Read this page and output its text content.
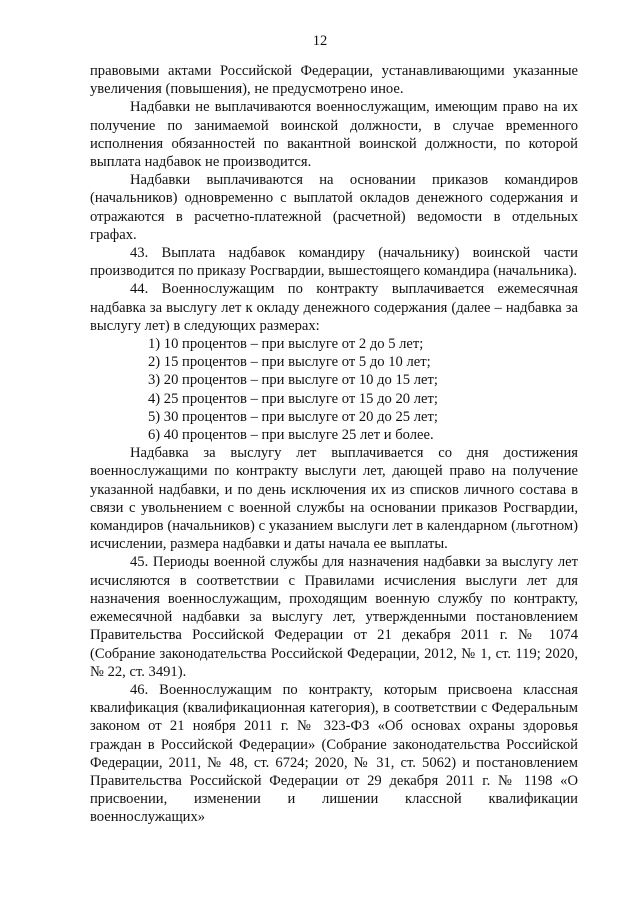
12

правовыми актами Российской Федерации, устанавливающими указанные увеличения (повышения), не предусмотрено иное.

Надбавки не выплачиваются военнослужащим, имеющим право на их получение по занимаемой воинской должности, в случае временного исполнения обязанностей по вакантной воинской должности, по которой выплата надбавок не производится.

Надбавки выплачиваются на основании приказов командиров (начальников) одновременно с выплатой окладов денежного содержания и отражаются в расчетно-платежной (расчетной) ведомости в отдельных графах.

43. Выплата надбавок командиру (начальнику) воинской части производится по приказу Росгвардии, вышестоящего командира (начальника).

44. Военнослужащим по контракту выплачивается ежемесячная надбавка за выслугу лет к окладу денежного содержания (далее – надбавка за выслугу лет) в следующих размерах:

1) 10 процентов – при выслуге от 2 до 5 лет;

2) 15 процентов – при выслуге от 5 до 10 лет;

3) 20 процентов – при выслуге от 10 до 15 лет;

4) 25 процентов – при выслуге от 15 до 20 лет;

5) 30 процентов – при выслуге от 20 до 25 лет;

6) 40 процентов – при выслуге 25 лет и более.

Надбавка за выслугу лет выплачивается со дня достижения военнослужащими по контракту выслуги лет, дающей право на получение указанной надбавки, и по день исключения их из списков личного состава в связи с увольнением с военной службы на основании приказов Росгвардии, командиров (начальников) с указанием выслуги лет в календарном (льготном) исчислении, размера надбавки и даты начала ее выплаты.

45. Периоды военной службы для назначения надбавки за выслугу лет исчисляются в соответствии с Правилами исчисления выслуги лет для назначения военнослужащим, проходящим военную службу по контракту, ежемесячной надбавки за выслугу лет, утвержденными постановлением Правительства Российской Федерации от 21 декабря 2011 г. № 1074 (Собрание законодательства Российской Федерации, 2012, № 1, ст. 119; 2020, № 22, ст. 3491).

46. Военнослужащим по контракту, которым присвоена классная квалификация (квалификационная категория), в соответствии с Федеральным законом от 21 ноября 2011 г. № 323-ФЗ «Об основах охраны здоровья граждан в Российской Федерации» (Собрание законодательства Российской Федерации, 2011, № 48, ст. 6724; 2020, № 31, ст. 5062) и постановлением Правительства Российской Федерации от 29 декабря 2011 г. № 1198 «О присвоении, изменении и лишении классной квалификации военнослужащих»
